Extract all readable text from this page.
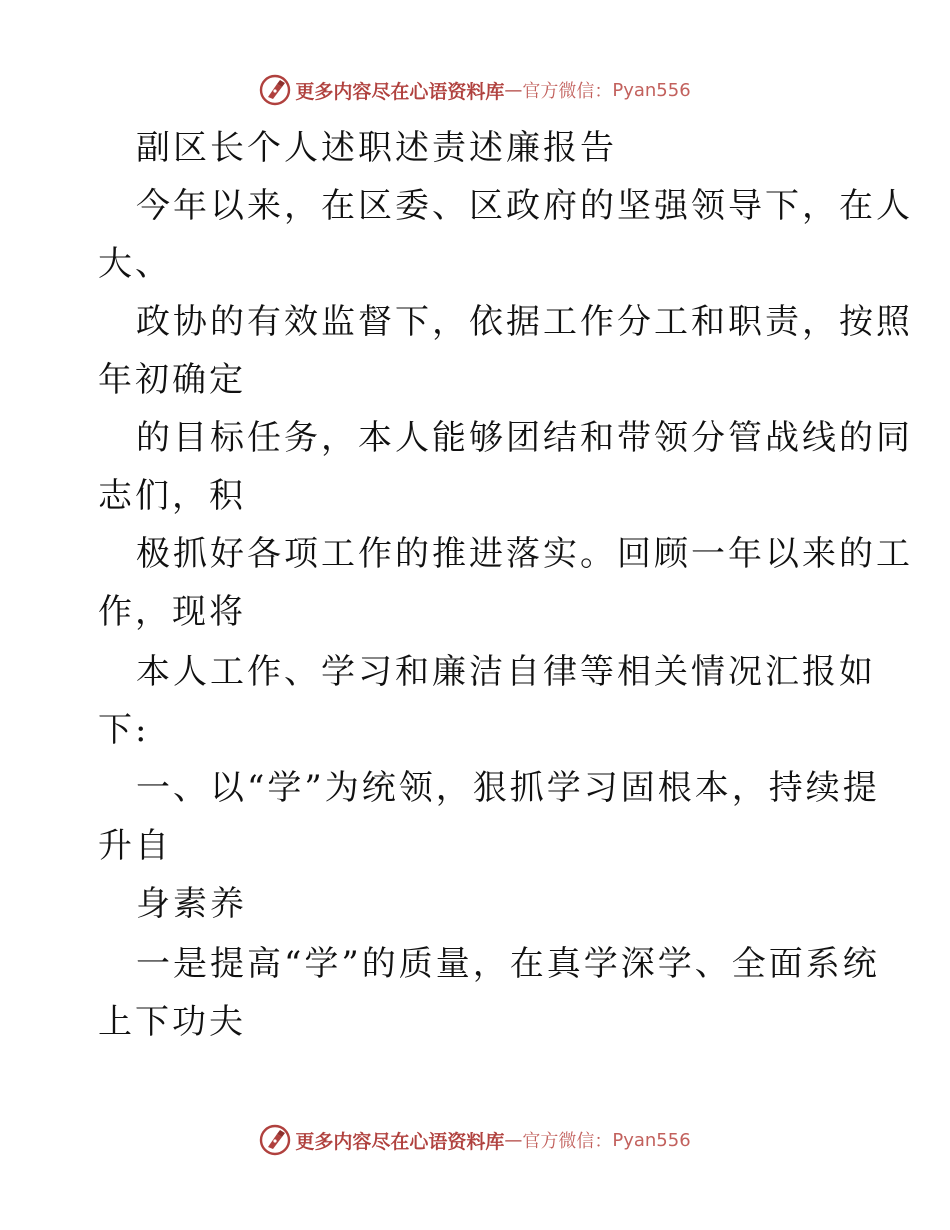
更多内容尽在心语资料库 — 官方微信： Pyan556
副区长个人述职述责述廉报告
今年以来，在区委、区政府的坚强领导下，在人
大、
政协的有效监督下，依据工作分工和职责，按照
年初确定
的目标任务，本人能够团结和带领分管战线的同
志们，积
极抓好各项工作的推进落实。回顾一年以来的工
作，现将
本人工作、学习和廉洁自律等相关情况汇报如
下:
一、以“学”为统领，狠抓学习固根本，持续提
升自
身素养
一是提高“学”的质量，在真学深学、全面系统
上下功夫
更多内容尽在心语资料库 — 官方微信： Pyan556
